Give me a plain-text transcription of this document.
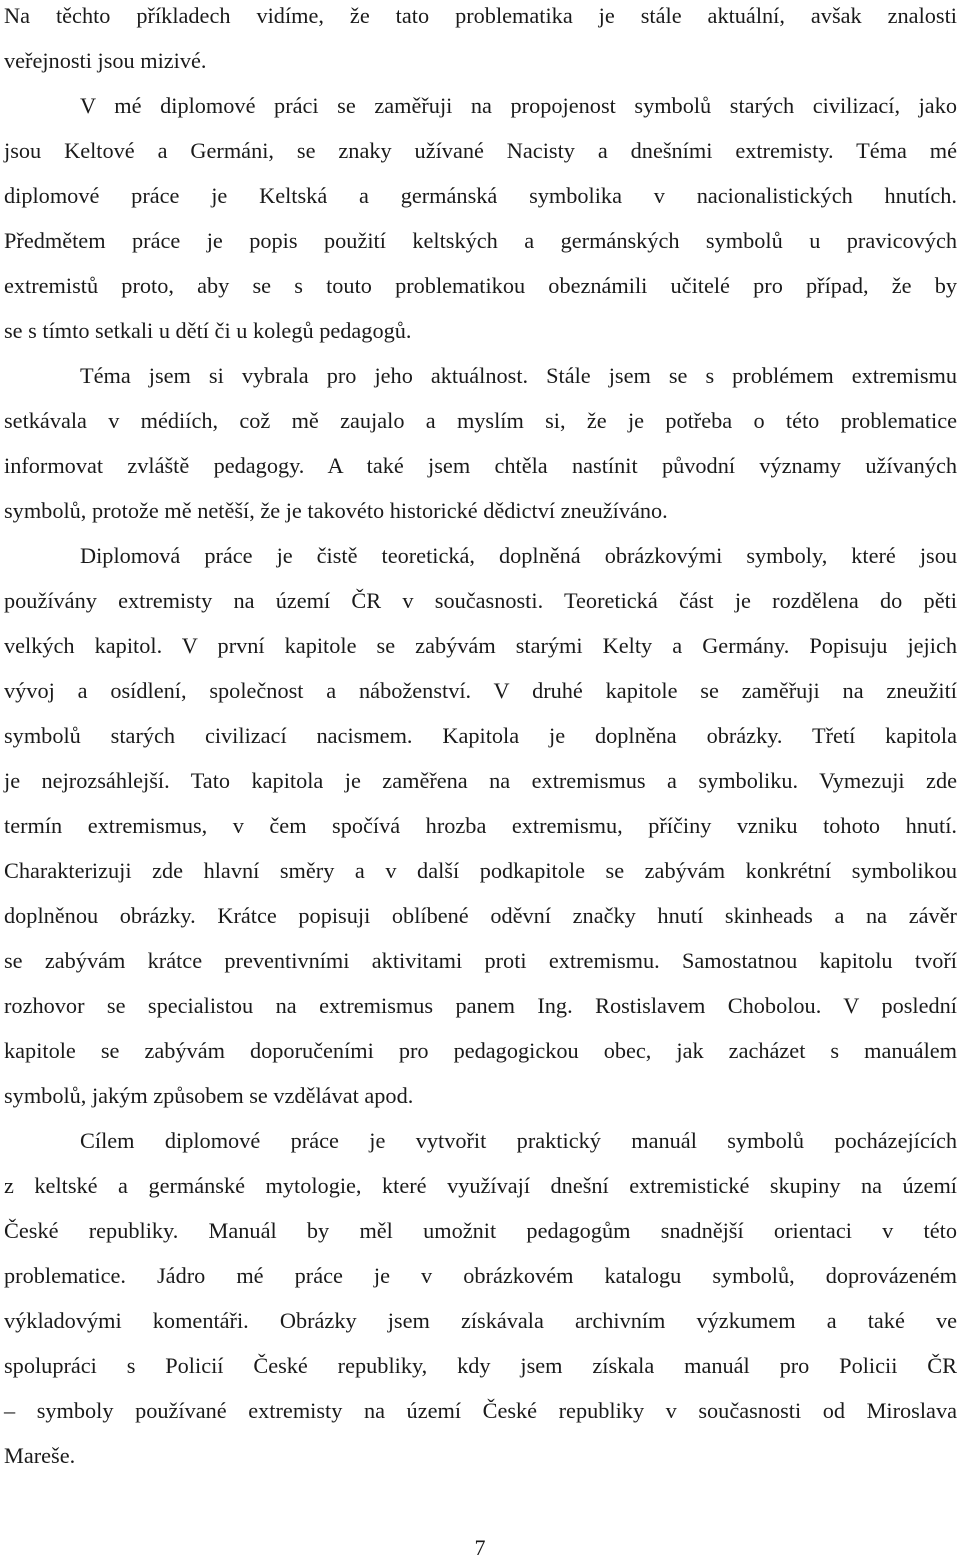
Na těchto příkladech vidíme, že tato problematika je stále aktuální, avšak znalosti
veřejnosti jsou mizivé.
V mé diplomové práci se zaměřuji na propojenost symbolů starých civilizací, jako
jsou Keltové a Germáni, se znaky užívané Nacisty a dnešními extremisty. Téma mé
diplomové práce je Keltská a germánská symbolika v nacionalistických hnutích.
Předmětem práce je popis použití keltských a germánských symbolů u pravicových
extremistů proto, aby se s touto problematikou obeznámili učitelé pro případ, že by
se s tímto setkali u dětí či u kolegů pedagogů.
Téma jsem si vybrala pro jeho aktuálnost. Stále jsem se s problémem extremismu
setkávala v médiích, což mě zaujalo a myslím si, že je potřeba o této problematice
informovat zvláště pedagogy. A také jsem chtěla nastínit původní významy užívaných
symbolů, protože mě netěší, že je takovéto historické dědictví zneužíváno.
Diplomová práce je čistě teoretická, doplněná obrázkovými symboly, které jsou
používány extremisty na území ČR v současnosti. Teoretická část je rozdělena do pěti
velkých kapitol. V první kapitole se zabývám starými Kelty a Germány. Popisuju jejich
vývoj a osídlení, společnost a náboženství. V druhé kapitole se zaměřuji na zneužití
symbolů starých civilizací nacismem. Kapitola je doplněna obrázky. Třetí kapitola
je nejrozsáhlejší. Tato kapitola je zaměřena na extremismus a symboliku. Vymezuji zde
termín extremismus, v čem spočívá hrozba extremismu, příčiny vzniku tohoto hnutí.
Charakterizuji zde hlavní směry a v další podkapitole se zabývám konkrétní symbolikou
doplněnou obrázky. Krátce popisuji oblíbené oděvní značky hnutí skinheads a na závěr
se zabývám krátce preventivními aktivitami proti extremismu. Samostatnou kapitolu tvoří
rozhovor se specialistou na extremismus panem Ing. Rostislavem Chobolou. V poslední
kapitole se zabývám doporučeními pro pedagogickou obec, jak zacházet s manuálem
symbolů, jakým způsobem se vzdělávat apod.
Cílem diplomové práce je vytvořit praktický manuál symbolů pocházejících
z keltské a germánské mytologie, které využívají dnešní extremistické skupiny na území
České republiky. Manuál by měl umožnit pedagogům snadnější orientaci v této
problematice. Jádro mé práce je v obrázkovém katalogu symbolů, doprovázeném
výkladovými komentáři. Obrázky jsem získávala archivním výzkumem a také ve
spolupráci s Policií České republiky, kdy jsem získala manuál pro Policii ČR
– symboly používané extremisty na území České republiky v současnosti od Miroslava
Mareše.
7
